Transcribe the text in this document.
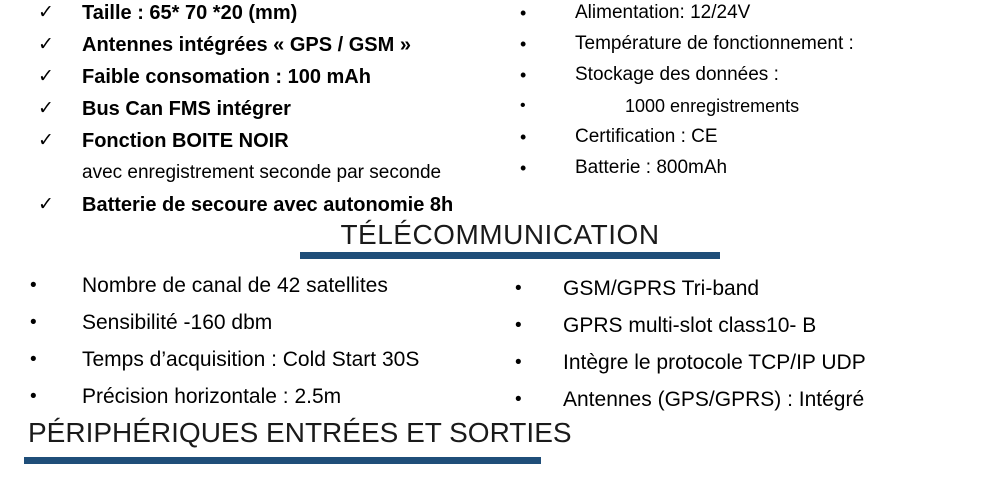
✓	Taille : 65* 70 *20 (mm)
✓	Antennes intégrées « GPS / GSM »
✓	Faible consomation : 100 mAh
✓	Bus Can FMS intégrer
✓	Fonction BOITE NOIR
avec enregistrement seconde par seconde
✓	Batterie de secoure avec autonomie 8h
•	Alimentation: 12/24V
•	Température de fonctionnement :
•	Stockage des données :
•	1000 enregistrements
•	Certification : CE
•	Batterie : 800mAh
TÉLÉCOMMUNICATION
•	Nombre de canal de 42 satellites
•	Sensibilité -160 dbm
•	Temps d’acquisition : Cold Start 30S
•	Précision horizontale : 2.5m
•	GSM/GPRS Tri-band
•	GPRS multi-slot class10- B
•	Intègre le protocole TCP/IP UDP
•	Antennes (GPS/GPRS) : Intégré
PÉRIPHÉRIQUES ENTRÉES ET SORTIES
